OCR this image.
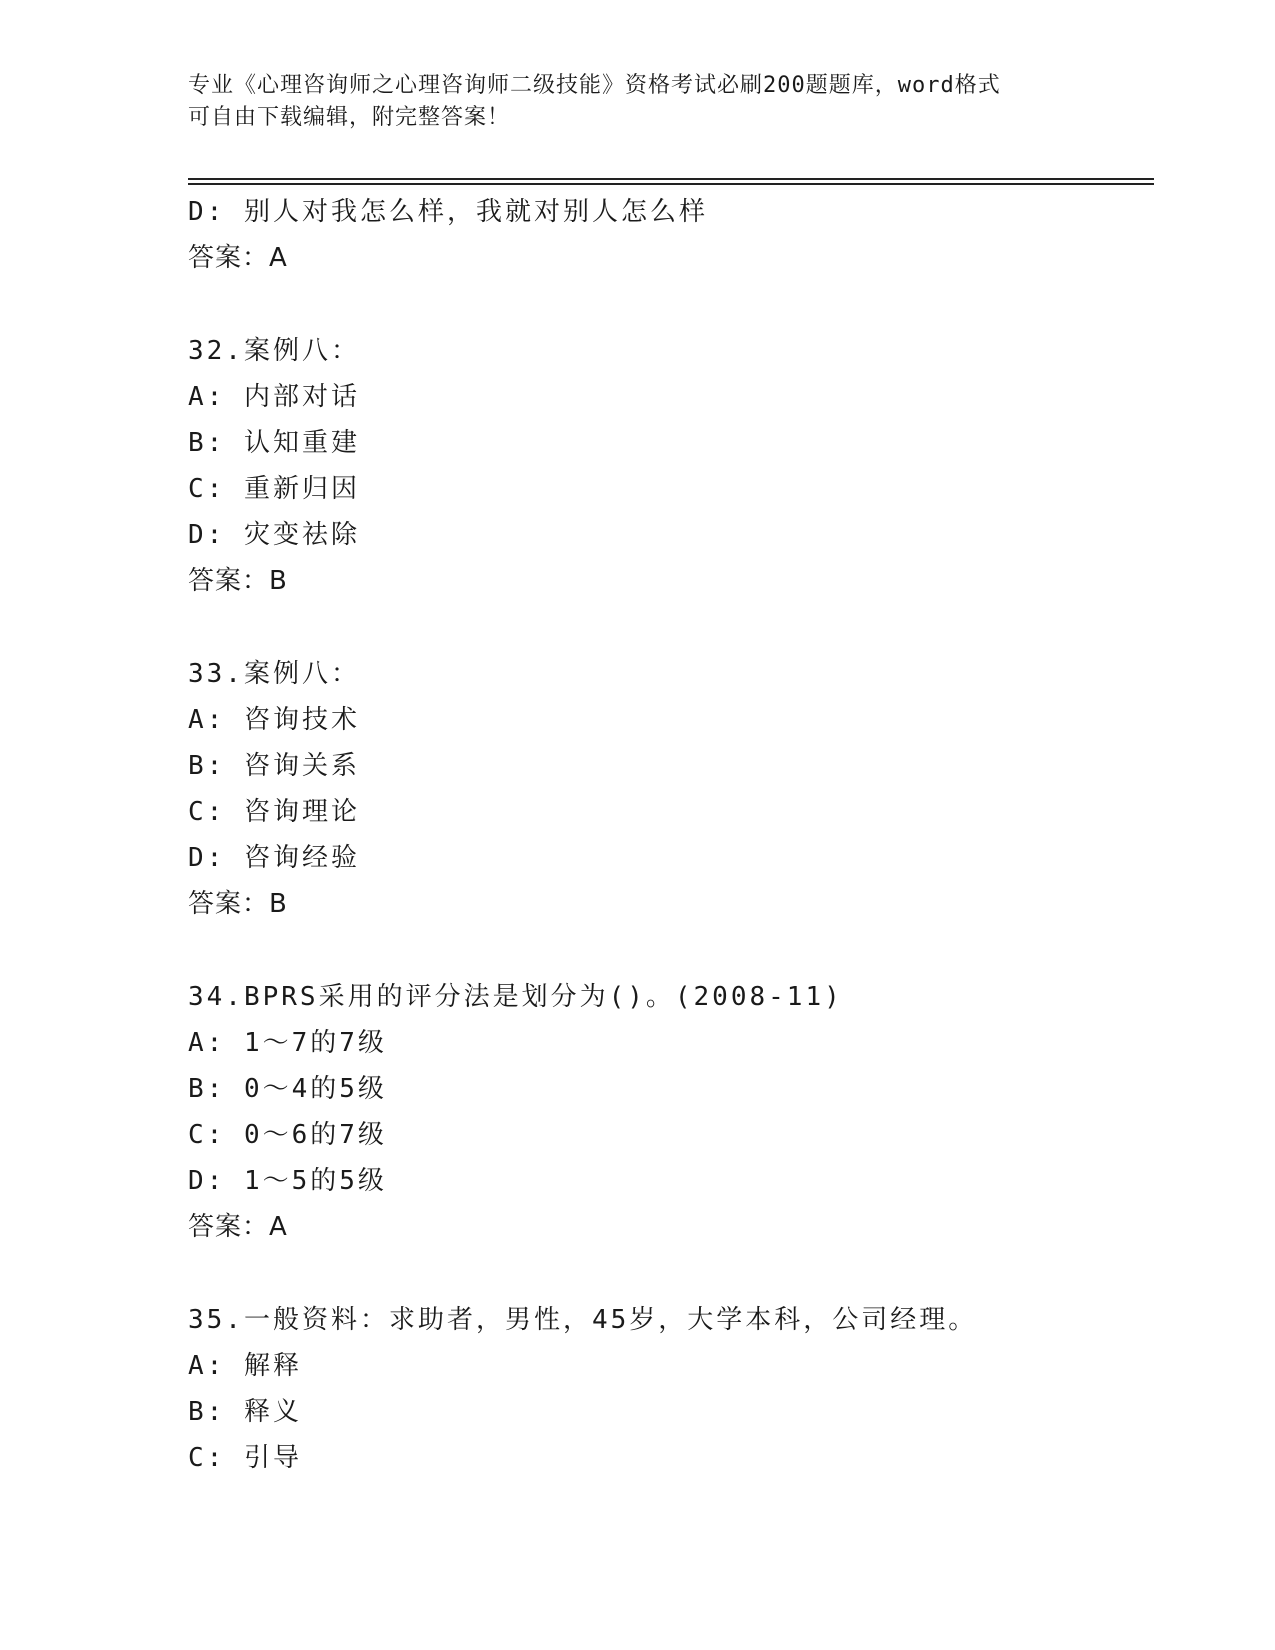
专业《心理咨询师之心理咨询师二级技能》资格考试必刷200题题库，word格式
可自由下载编辑，附完整答案！
D: 别人对我怎么样，我就对别人怎么样
答案：A
32.案例八：
A: 内部对话
B: 认知重建
C: 重新归因
D: 灾变祛除
答案：B
33.案例八：
A: 咨询技术
B: 咨询关系
C: 咨询理论
D: 咨询经验
答案：B
34.BPRS采用的评分法是划分为()。(2008-11)
A: 1～7的7级
B: 0～4的5级
C: 0～6的7级
D: 1～5的5级
答案：A
35.一般资料：求助者，男性，45岁，大学本科，公司经理。
A: 解释
B: 释义
C: 引导
